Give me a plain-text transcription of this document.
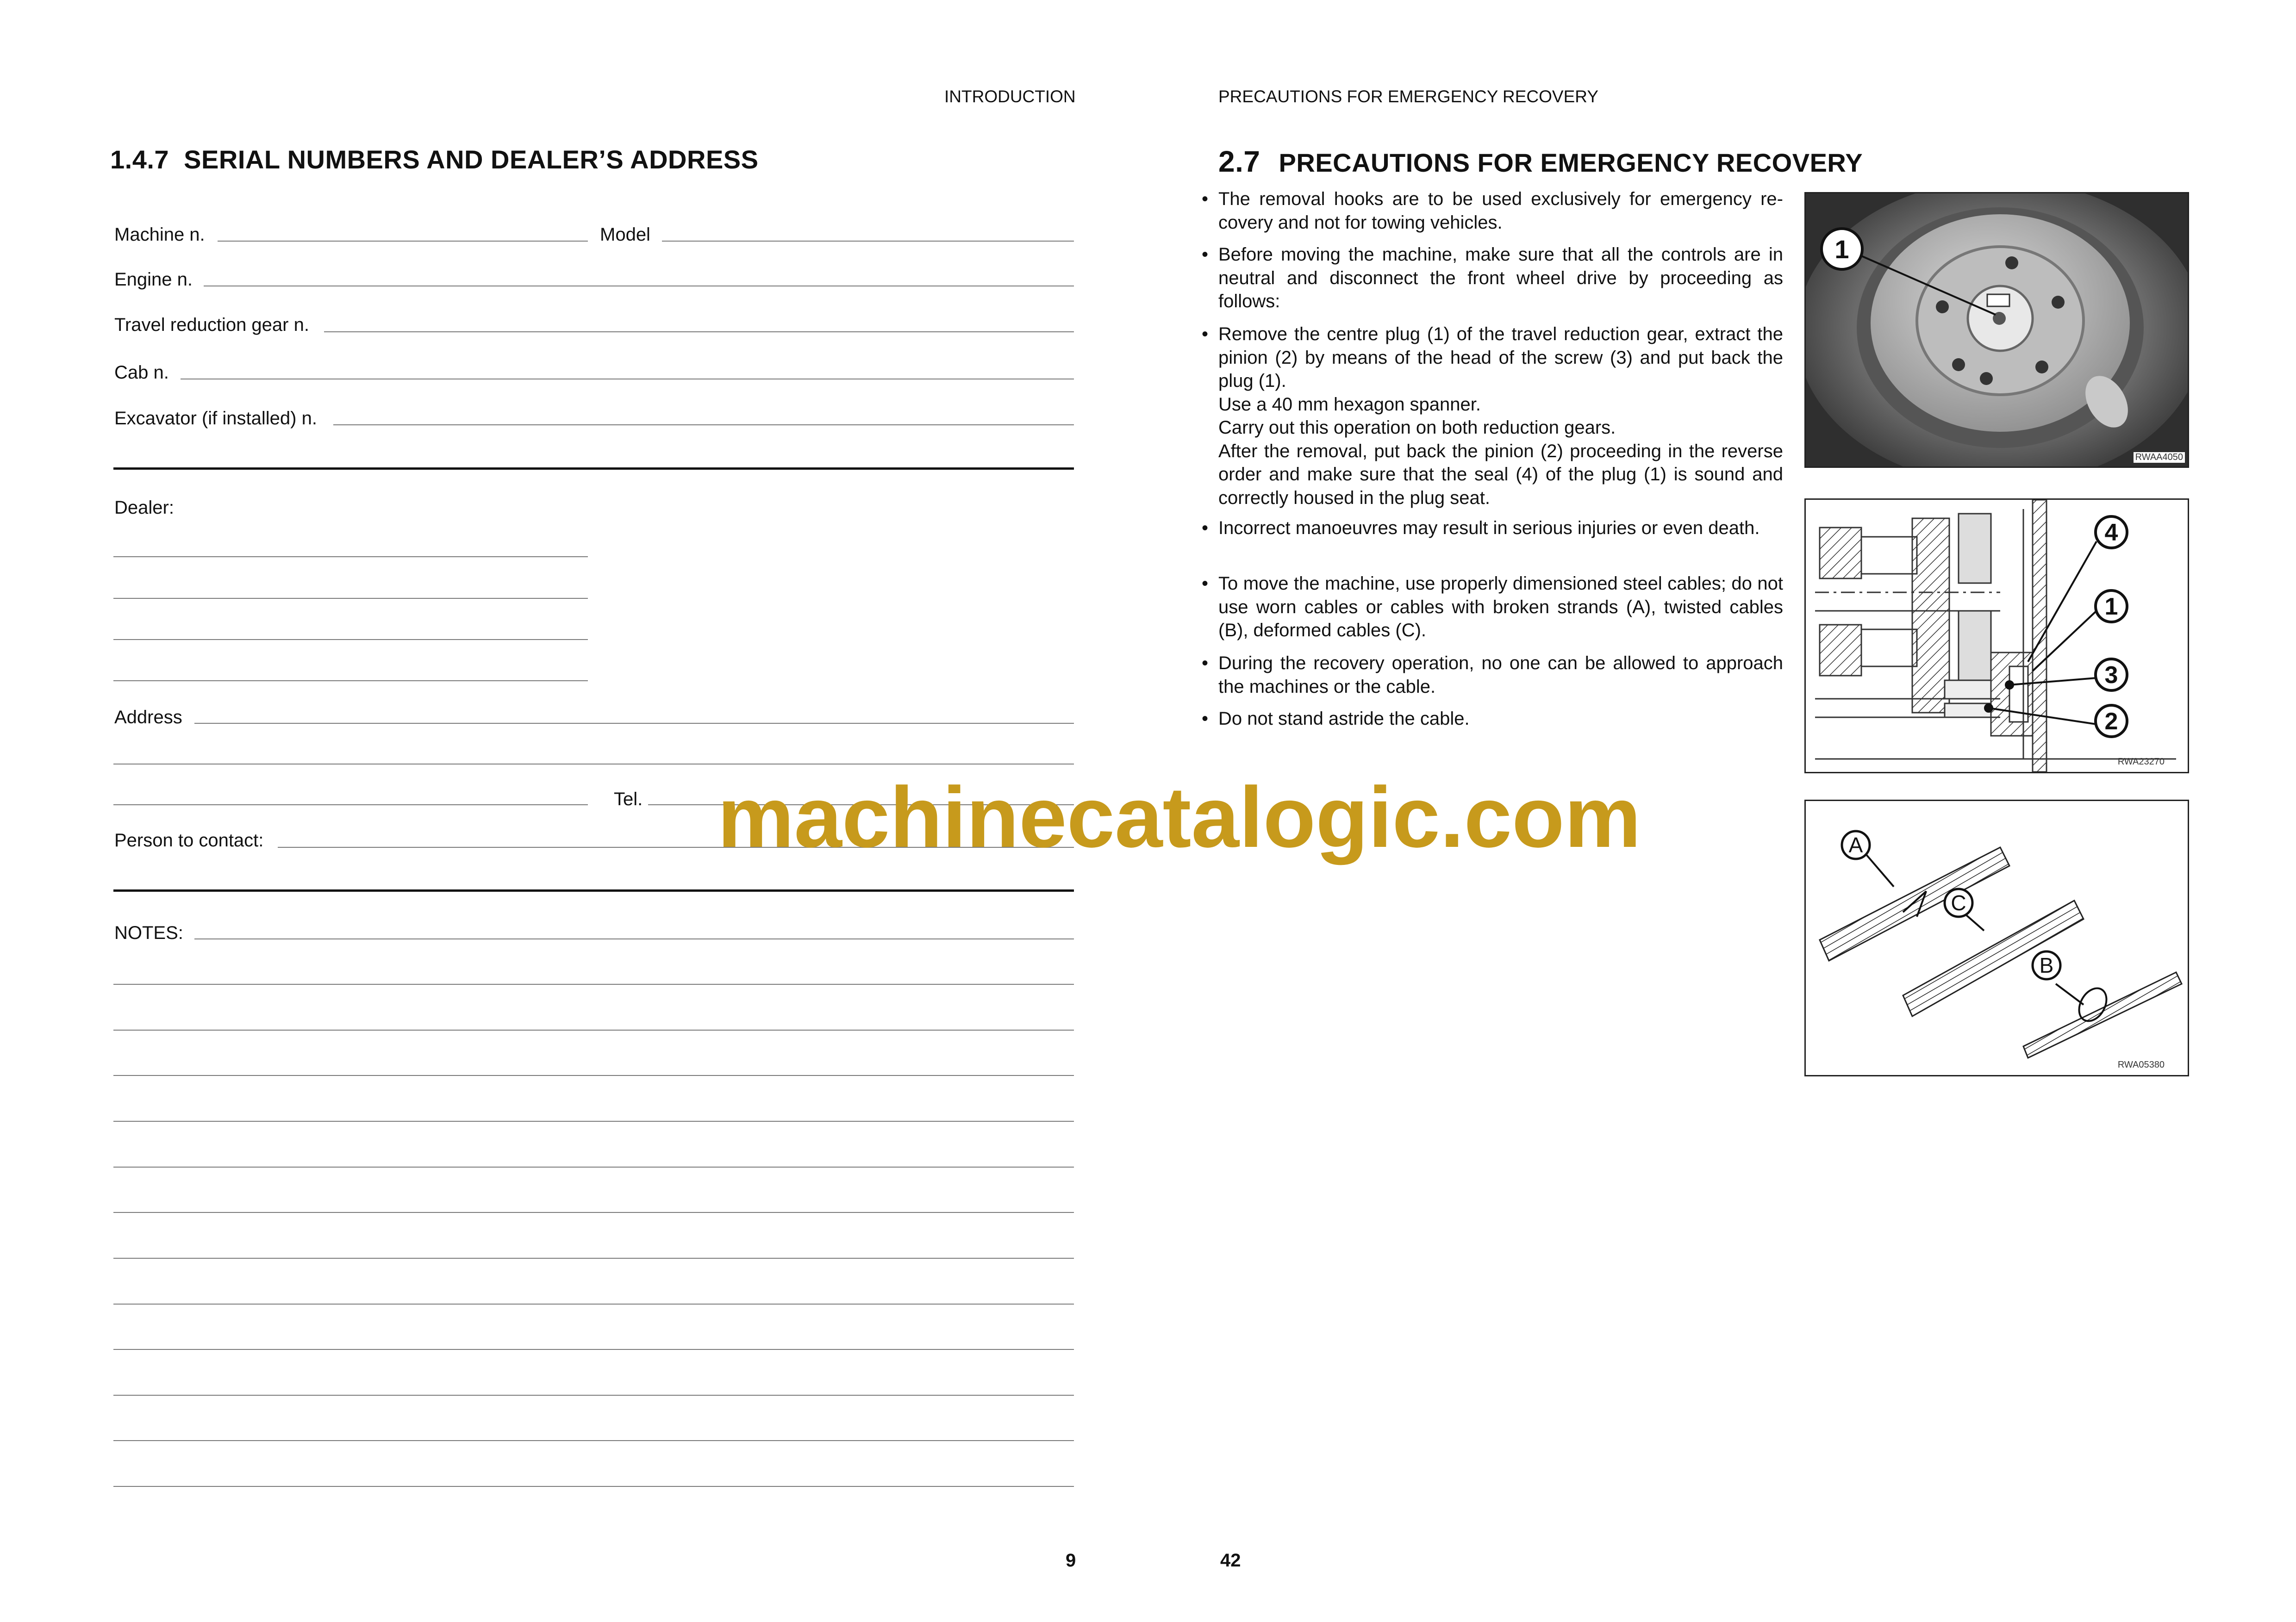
INTRODUCTION
1.4.7  SERIAL NUMBERS AND DEALER’S ADDRESS
Machine n.	Model
Engine n.
Travel reduction gear n.
Cab n.
Excavator (if installed) n.
Dealer:
Address
Tel.
Person to contact:
NOTES:
9
PRECAUTIONS FOR EMERGENCY RECOVERY
2.7 PRECAUTIONS FOR EMERGENCY RECOVERY
• The removal hooks are to be used exclusively for emergency recovery and not for towing vehicles.
• Before moving the machine, make sure that all the controls are in neutral and disconnect the front wheel drive by proceeding as follows:
• Remove the centre plug (1) of the travel reduction gear, extract the pinion (2) by means of the head of the screw (3) and put back the plug (1).
Use a 40 mm hexagon spanner.
Carry out this operation on both reduction gears.
After the removal, put back the pinion (2) proceeding in the reverse order and make sure that the seal (4) of the plug (1) is sound and correctly housed in the plug seat.
• Incorrect manoeuvres may result in serious injuries or even death.
• To move the machine, use properly dimensioned steel cables; do not use worn cables or cables with broken strands (A), twisted cables (B), deformed cables (C).
• During the recovery operation, no one can be allowed to approach the machines or the cable.
• Do not stand astride the cable.
1
RWAA4050
4
1
3
2
RWA23270
A
C
B
RWA05380
42
machinecatalogic.com
